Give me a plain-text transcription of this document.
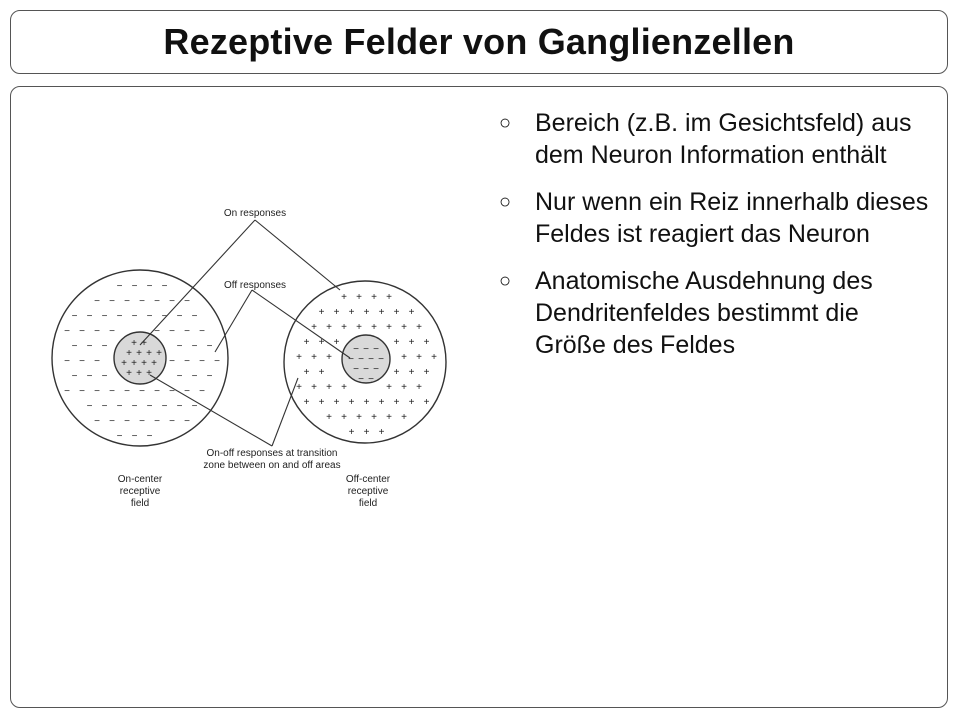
Rezeptive Felder von Ganglienzellen
○ Bereich (z.B. im Gesichtsfeld) aus dem Neuron Information enthält
○ Nur wenn ein Reiz innerhalb dieses Feldes ist reagiert das Neuron
○ Anatomische Ausdehnung des Dendritenfeldes bestimmt die Größe des Feldes
− − − −
− − − − − − −
− − − − − − − − −
− − − −	− − − −
− − −	− − −
− − −	− − − −
− − −	− − −
− − − − − − − − − −
− − − − − − − −
− − − − − − −
− − −
+ +
+ + + +
+ + + +
+ + +
+ + + +
+ + + + + + +
+ + + + + + + +
+ + +	+ + +
+ + +	+ + +
+ +	+ + +
+ + + +	+ + +
+ + + + + + + + +
+ + + + + +
+ + +
− − −
− − − −
− − −
− −
On responses
Off responses
On-off responses at transition
zone between on and off areas
On-center
receptive
field
Off-center
receptive
field
